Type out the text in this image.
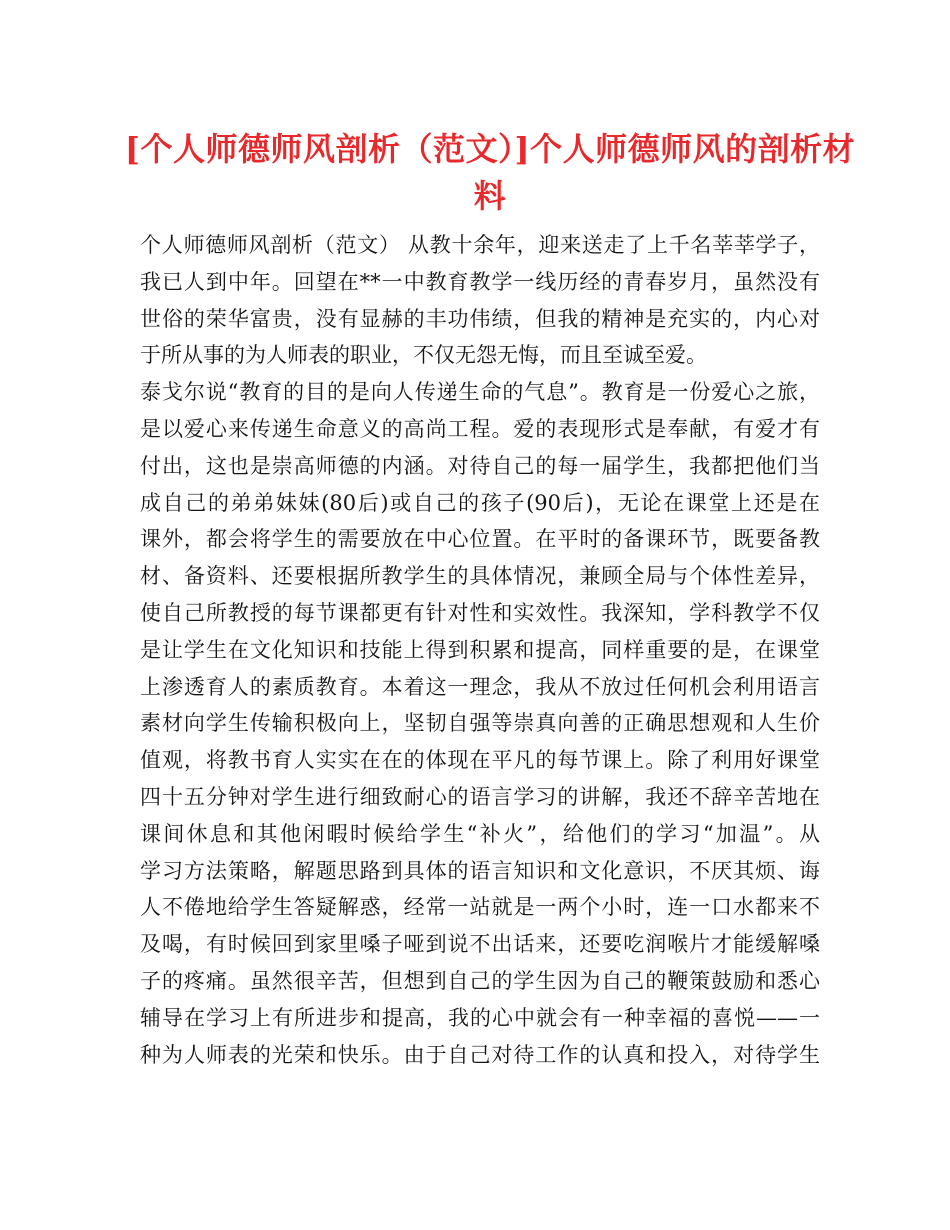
[个人师德师风剖析（范文）]个人师德师风的剖析材
料
个人师德师风剖析（范文） 从教十余年，迎来送走了上千名莘莘学子，
我已人到中年。回望在**一中教育教学一线历经的青春岁月，虽然没有
世俗的荣华富贵，没有显赫的丰功伟绩，但我的精神是充实的，内心对
于所从事的为人师表的职业，不仅无怨无悔，而且至诚至爱。
泰戈尔说“教育的目的是向人传递生命的气息”。教育是一份爱心之旅，
是以爱心来传递生命意义的高尚工程。爱的表现形式是奉献，有爱才有
付出，这也是崇高师德的内涵。对待自己的每一届学生，我都把他们当
成自己的弟弟妹妹(80后)或自己的孩子(90后)，无论在课堂上还是在
课外，都会将学生的需要放在中心位置。在平时的备课环节，既要备教
材、备资料、还要根据所教学生的具体情况，兼顾全局与个体性差异，
使自己所教授的每节课都更有针对性和实效性。我深知，学科教学不仅
是让学生在文化知识和技能上得到积累和提高，同样重要的是，在课堂
上渗透育人的素质教育。本着这一理念，我从不放过任何机会利用语言
素材向学生传输积极向上，坚韧自强等崇真向善的正确思想观和人生价
值观，将教书育人实实在在的体现在平凡的每节课上。除了利用好课堂
四十五分钟对学生进行细致耐心的语言学习的讲解，我还不辞辛苦地在
课间休息和其他闲暇时候给学生“补火”，给他们的学习“加温”。从
学习方法策略，解题思路到具体的语言知识和文化意识，不厌其烦、诲
人不倦地给学生答疑解惑，经常一站就是一两个小时，连一口水都来不
及喝，有时候回到家里嗓子哑到说不出话来，还要吃润喉片才能缓解嗓
子的疼痛。虽然很辛苦，但想到自己的学生因为自己的鞭策鼓励和悉心
辅导在学习上有所进步和提高，我的心中就会有一种幸福的喜悦——一
种为人师表的光荣和快乐。由于自己对待工作的认真和投入，对待学生
